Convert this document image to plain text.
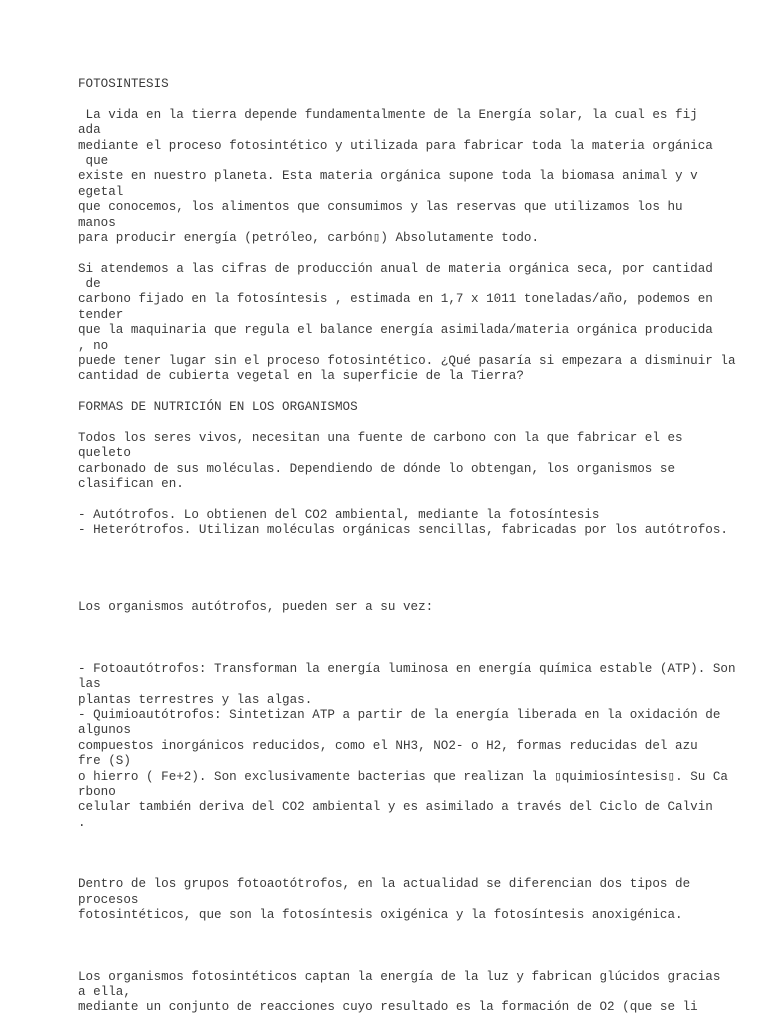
FOTOSINTESIS
La vida en la tierra depende fundamentalmente de la Energía solar, la cual es fij
ada
mediante el proceso fotosintético y utilizada para fabricar toda la materia orgánica
que
existe en nuestro planeta. Esta materia orgánica supone toda la biomasa animal y v
egetal
que conocemos, los alimentos que consumimos y las reservas que utilizamos los hu
manos
para producir energía (petróleo, carbón▯) Absolutamente todo.
Si atendemos a las cifras de producción anual de materia orgánica seca, por cantidad
de
carbono fijado en la fotosíntesis , estimada en 1,7 x 1011 toneladas/año, podemos en
tender
que la maquinaria que regula el balance energía asimilada/materia orgánica producida
, no
puede tener lugar sin el proceso fotosintético. ¿Qué pasaría si empezara a disminuir la
cantidad de cubierta vegetal en la superficie de la Tierra?
FORMAS DE NUTRICIÓN EN LOS ORGANISMOS
Todos los seres vivos, necesitan una fuente de carbono con la que fabricar el es
queleto
carbonado de sus moléculas. Dependiendo de dónde lo obtengan, los organismos se
clasifican en.
- Autótrofos. Lo obtienen del CO2 ambiental, mediante la fotosíntesis
- Heterótrofos. Utilizan moléculas orgánicas sencillas, fabricadas por los autótrofos.
Los organismos autótrofos, pueden ser a su vez:
- Fotoautótrofos: Transforman la energía luminosa en energía química estable (ATP). Son
las
plantas terrestres y las algas.
- Quimioautótrofos: Sintetizan ATP a partir de la energía liberada en la oxidación de
algunos
compuestos inorgánicos reducidos, como el NH3, NO2- o H2, formas reducidas del azu
fre (S)
o hierro ( Fe+2). Son exclusivamente bacterias que realizan la ▯quimiosíntesis▯. Su Ca
rbono
celular también deriva del CO2 ambiental y es asimilado a través del Ciclo de Calvin
.
Dentro de los grupos fotoaotótrofos, en la actualidad se diferencian dos tipos de
procesos
fotosintéticos, que son la fotosíntesis oxigénica y la fotosíntesis anoxigénica.
Los organismos fotosintéticos captan la energía de la luz y fabrican glúcidos gracias
a ella,
mediante un conjunto de reacciones cuyo resultado es la formación de O2 (que se li
